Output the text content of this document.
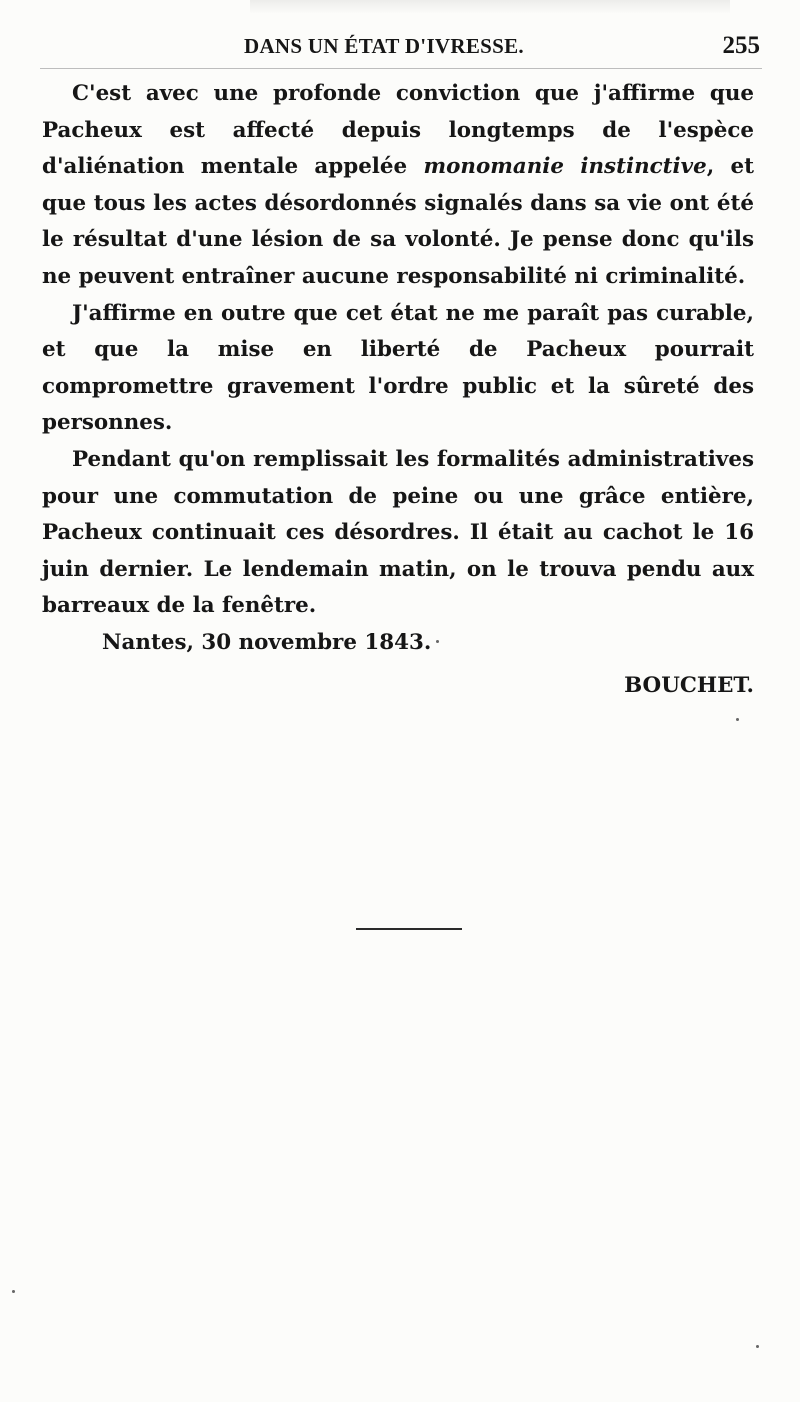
DANS UN ÉTAT D'IVRESSE.	255

C'est avec une profonde conviction que j'affirme que Pacheux est affecté depuis longtemps de l'espèce d'aliénation mentale appelée monomanie instinctive, et que tous les actes désordonnés signalés dans sa vie ont été le résultat d'une lésion de sa volonté. Je pense donc qu'ils ne peuvent entraîner aucune responsabilité ni criminalité.

J'affirme en outre que cet état ne me paraît pas curable, et que la mise en liberté de Pacheux pourrait compromettre gravement l'ordre public et la sûreté des personnes.

Pendant qu'on remplissait les formalités administratives pour une commutation de peine ou une grâce entière, Pacheux continuait ces désordres. Il était au cachot le 16 juin dernier. Le lendemain matin, on le trouva pendu aux barreaux de la fenêtre.

Nantes, 30 novembre 1843.

BOUCHET.
